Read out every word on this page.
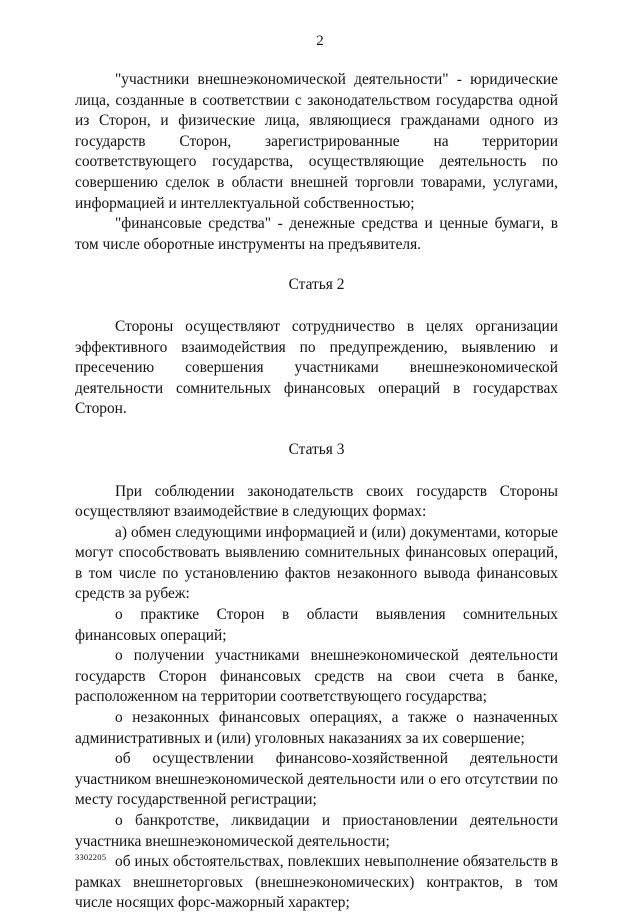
2

"участники внешнеэкономической деятельности" - юридические лица, созданные в соответствии с законодательством государства одной из Сторон, и физические лица, являющиеся гражданами одного из государств Сторон, зарегистрированные на территории соответствующего государства, осуществляющие деятельность по совершению сделок в области внешней торговли товарами, услугами, информацией и интеллектуальной собственностью;

"финансовые средства" - денежные средства и ценные бумаги, в том числе оборотные инструменты на предъявителя.

Статья 2

Стороны осуществляют сотрудничество в целях организации эффективного взаимодействия по предупреждению, выявлению и пресечению совершения участниками внешнеэкономической деятельности сомнительных финансовых операций в государствах Сторон.

Статья 3

При соблюдении законодательств своих государств Стороны осуществляют взаимодействие в следующих формах:

а) обмен следующими информацией и (или) документами, которые могут способствовать выявлению сомнительных финансовых операций, в том числе по установлению фактов незаконного вывода финансовых средств за рубеж:

о практике Сторон в области выявления сомнительных финансовых операций;

о получении участниками внешнеэкономической деятельности государств Сторон финансовых средств на свои счета в банке, расположенном на территории соответствующего государства;

о незаконных финансовых операциях, а также о назначенных административных и (или) уголовных наказаниях за их совершение;

об осуществлении финансово-хозяйственной деятельности участником внешнеэкономической деятельности или о его отсутствии по месту государственной регистрации;

о банкротстве, ликвидации и приостановлении деятельности участника внешнеэкономической деятельности;

об иных обстоятельствах, повлекших невыполнение обязательств в рамках внешнеторговых (внешнеэкономических) контрактов, в том числе носящих форс-мажорный характер;

3302205
